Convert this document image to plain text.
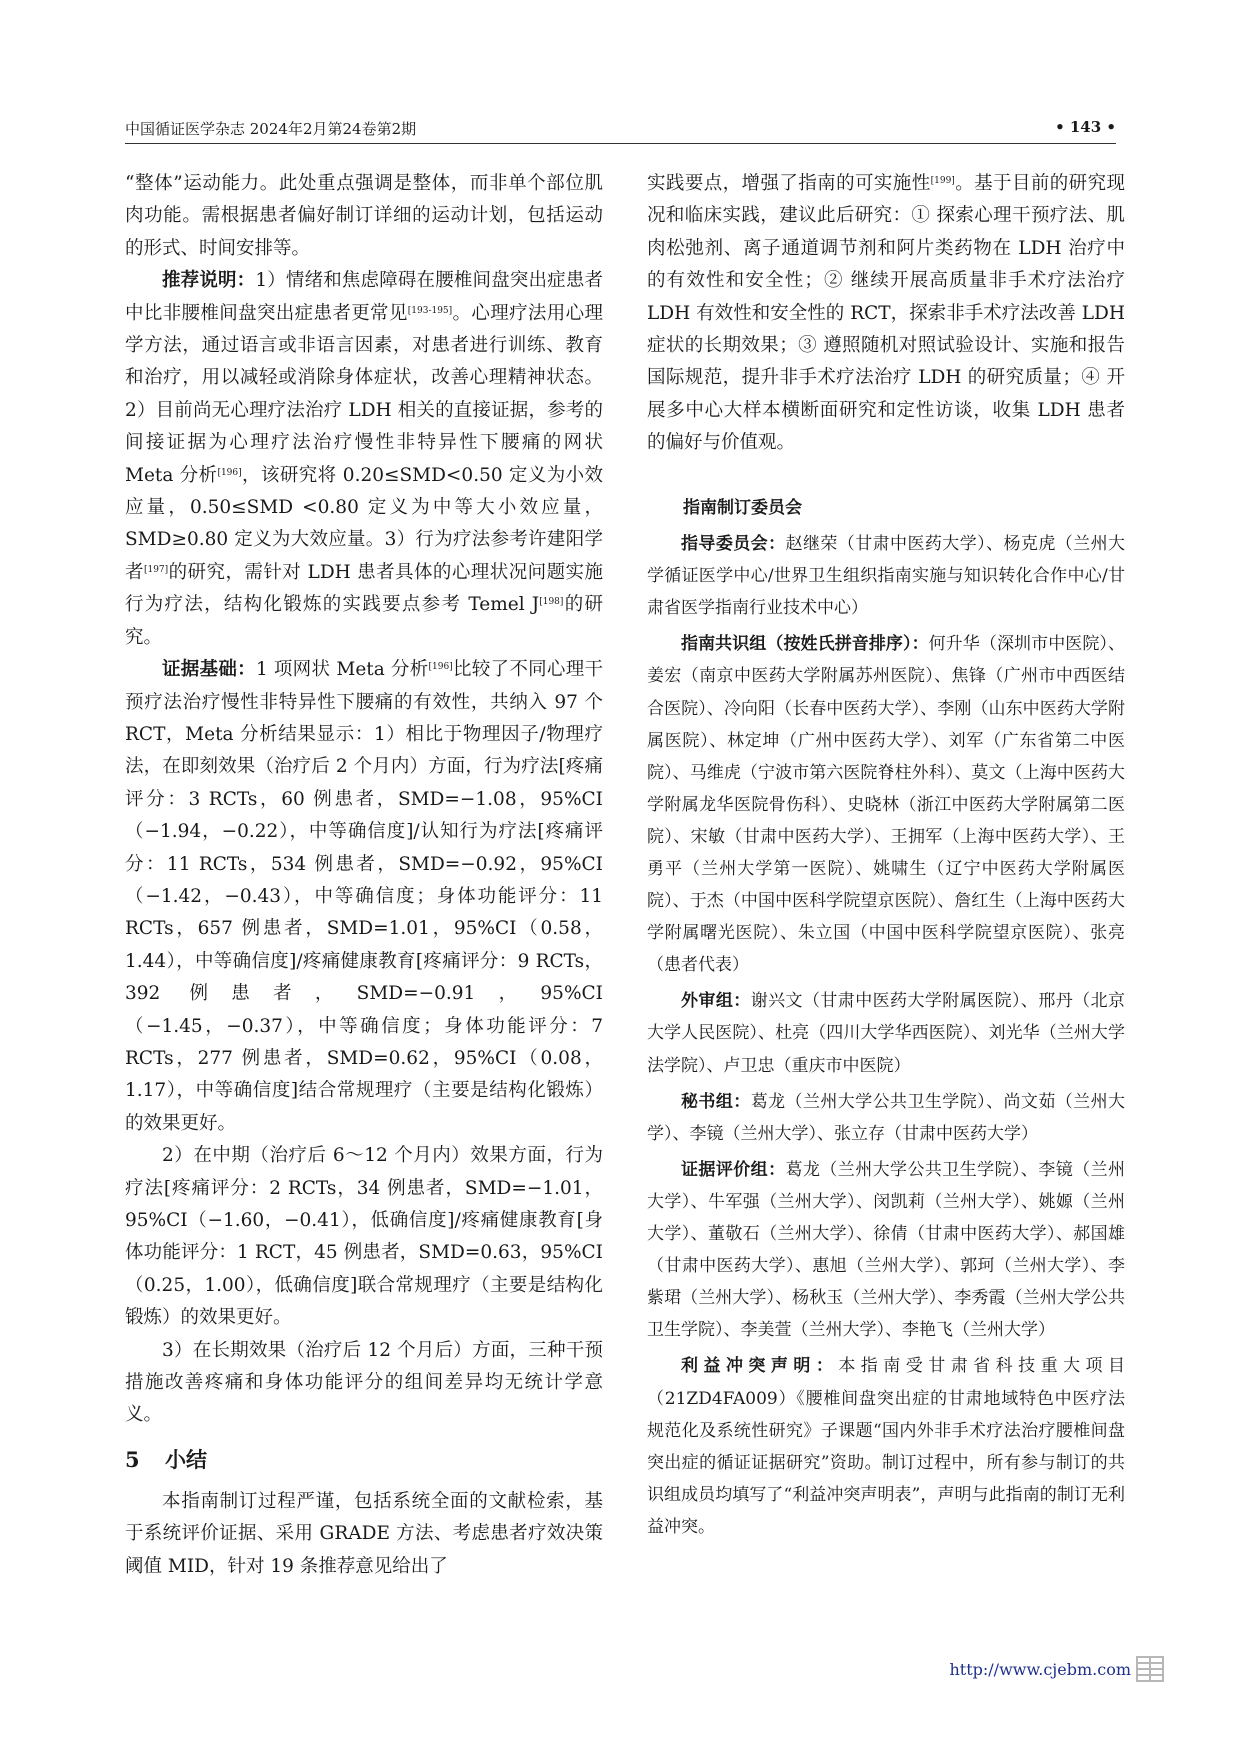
中国循证医学杂志 2024年2月第24卷第2期	• 143 •

“整体”运动能力。此处重点强调是整体，而非单个部位肌肉功能。需根据患者偏好制订详细的运动计划，包括运动的形式、时间安排等。

推荐说明：1）情绪和焦虑障碍在腰椎间盘突出症患者中比非腰椎间盘突出症患者更常见[193-195]。心理疗法用心理学方法，通过语言或非语言因素，对患者进行训练、教育和治疗，用以减轻或消除身体症状，改善心理精神状态。2）目前尚无心理疗法治疗 LDH 相关的直接证据，参考的间接证据为心理疗法治疗慢性非特异性下腰痛的网状 Meta 分析[196]，该研究将 0.20≤SMD<0.50 定义为小效应量，0.50≤SMD <0.80 定义为中等大小效应量，SMD≥0.80 定义为大效应量。3）行为疗法参考许建阳学者[197]的研究，需针对 LDH 患者具体的心理状况问题实施行为疗法，结构化锻炼的实践要点参考 Temel J[198]的研究。

证据基础：1 项网状 Meta 分析[196]比较了不同心理干预疗法治疗慢性非特异性下腰痛的有效性，共纳入 97 个 RCT，Meta 分析结果显示：1）相比于物理因子/物理疗法，在即刻效果（治疗后 2 个月内）方面，行为疗法[疼痛评分：3 RCTs，60 例患者，SMD=−1.08，95%CI（−1.94，−0.22），中等确信度]/认知行为疗法[疼痛评分：11 RCTs，534 例患者，SMD=−0.92，95%CI（−1.42，−0.43），中等确信度；身体功能评分：11 RCTs，657 例患者，SMD=1.01，95%CI（0.58，1.44），中等确信度]/疼痛健康教育[疼痛评分：9 RCTs，392 例患者，SMD=−0.91，95%CI（−1.45，−0.37），中等确信度；身体功能评分：7 RCTs，277 例患者，SMD=0.62，95%CI（0.08，1.17），中等确信度]结合常规理疗（主要是结构化锻炼）的效果更好。

2）在中期（治疗后 6～12 个月内）效果方面，行为疗法[疼痛评分：2 RCTs，34 例患者，SMD=−1.01，95%CI（−1.60，−0.41），低确信度]/疼痛健康教育[身体功能评分：1 RCT，45 例患者，SMD=0.63，95%CI（0.25，1.00），低确信度]联合常规理疗（主要是结构化锻炼）的效果更好。

3）在长期效果（治疗后 12 个月后）方面，三种干预措施改善疼痛和身体功能评分的组间差异均无统计学意义。

5 小结

本指南制订过程严谨，包括系统全面的文献检索，基于系统评价证据、采用 GRADE 方法、考虑患者疗效决策阈值 MID，针对 19 条推荐意见给出了

实践要点，增强了指南的可实施性[199]。基于目前的研究现况和临床实践，建议此后研究：① 探索心理干预疗法、肌肉松弛剂、离子通道调节剂和阿片类药物在 LDH 治疗中的有效性和安全性；② 继续开展高质量非手术疗法治疗 LDH 有效性和安全性的 RCT，探索非手术疗法改善 LDH 症状的长期效果；③ 遵照随机对照试验设计、实施和报告国际规范，提升非手术疗法治疗 LDH 的研究质量；④ 开展多中心大样本横断面研究和定性访谈，收集 LDH 患者的偏好与价值观。

指南制订委员会

指导委员会：赵继荣（甘肃中医药大学）、杨克虎（兰州大学循证医学中心/世界卫生组织指南实施与知识转化合作中心/甘肃省医学指南行业技术中心）

指南共识组（按姓氏拼音排序）：何升华（深圳市中医院）、姜宏（南京中医药大学附属苏州医院）、焦锋（广州市中西医结合医院）、冷向阳（长春中医药大学）、李刚（山东中医药大学附属医院）、林定坤（广州中医药大学）、刘军（广东省第二中医院）、马维虎（宁波市第六医院脊柱外科）、莫文（上海中医药大学附属龙华医院骨伤科）、史晓林（浙江中医药大学附属第二医院）、宋敏（甘肃中医药大学）、王拥军（上海中医药大学）、王勇平（兰州大学第一医院）、姚啸生（辽宁中医药大学附属医院）、于杰（中国中医科学院望京医院）、詹红生（上海中医药大学附属曙光医院）、朱立国（中国中医科学院望京医院）、张亮（患者代表）

外审组：谢兴文（甘肃中医药大学附属医院）、邢丹（北京大学人民医院）、杜亮（四川大学华西医院）、刘光华（兰州大学法学院）、卢卫忠（重庆市中医院）

秘书组：葛龙（兰州大学公共卫生学院）、尚文茹（兰州大学）、李镜（兰州大学）、张立存（甘肃中医药大学）

证据评价组：葛龙（兰州大学公共卫生学院）、李镜（兰州大学）、牛军强（兰州大学）、闵凯莉（兰州大学）、姚嫄（兰州大学）、董敬石（兰州大学）、徐倩（甘肃中医药大学）、郝国雄（甘肃中医药大学）、惠旭（兰州大学）、郭珂（兰州大学）、李紫珺（兰州大学）、杨秋玉（兰州大学）、李秀霞（兰州大学公共卫生学院）、李美萱（兰州大学）、李艳飞（兰州大学）

利益冲突声明：本指南受甘肃省科技重大项目（21ZD4FA009）《腰椎间盘突出症的甘肃地域特色中医疗法规范化及系统性研究》子课题“国内外非手术疗法治疗腰椎间盘突出症的循证证据研究”资助。制订过程中，所有参与制订的共识组成员均填写了“利益冲突声明表”，声明与此指南的制订无利益冲突。

http://www.cjebm.com
